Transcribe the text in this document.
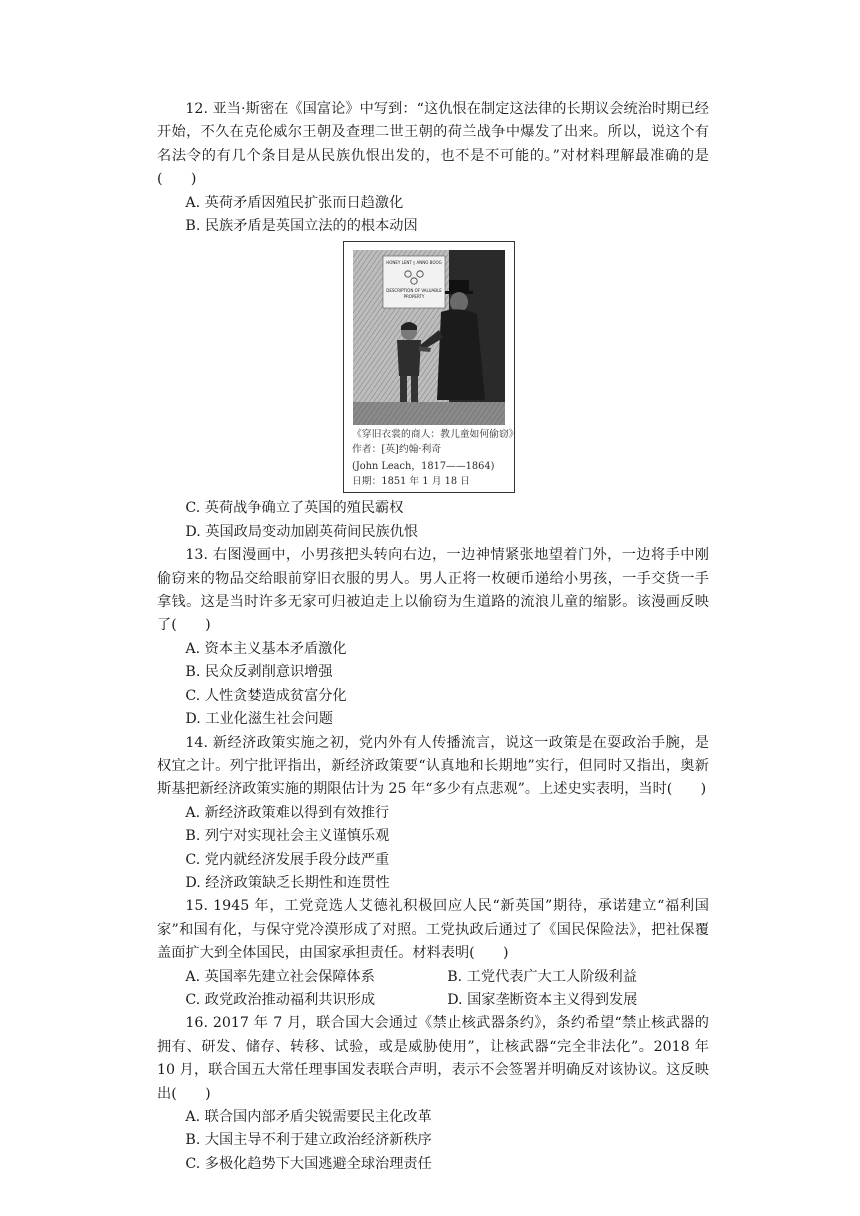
12. 亚当·斯密在《国富论》中写到：“这仇恨在制定这法律的长期议会统治时期已经开始，不久在克伦威尔王朝及查理二世王朝的荷兰战争中爆发了出来。所以，说这个有名法令的有几个条目是从民族仇恨出发的，也不是不可能的。”对材料理解最准确的是(　　)

A. 英荷矛盾因殖民扩张而日趋激化

B. 民族矛盾是英国立法的的根本动因

HONEY LENT ▯ ANNO BOOG
DESCRIPTION OF VALUABLE
PROPERTY
《穿旧衣裳的商人：教儿童如何偷窃》
作者：[英]约翰·利奇
(John Leach，1817——1864)
日期：1851 年 1 月 18 日

C. 英荷战争确立了英国的殖民霸权

D. 英国政局变动加剧英荷间民族仇恨

13. 右图漫画中，小男孩把头转向右边，一边神情紧张地望着门外，一边将手中刚偷窃来的物品交给眼前穿旧衣服的男人。男人正将一枚硬币递给小男孩，一手交货一手拿钱。这是当时许多无家可归被迫走上以偷窃为生道路的流浪儿童的缩影。该漫画反映了(　　)

A. 资本主义基本矛盾激化

B. 民众反剥削意识增强

C. 人性贪婪造成贫富分化

D. 工业化滋生社会问题

14. 新经济政策实施之初，党内外有人传播流言，说这一政策是在耍政治手腕，是权宜之计。列宁批评指出，新经济政策要“认真地和长期地”实行，但同时又指出，奥新斯基把新经济政策实施的期限估计为 25 年“多少有点悲观”。上述史实表明，当时(　　)

A. 新经济政策难以得到有效推行

B. 列宁对实现社会主义谨慎乐观

C. 党内就经济发展手段分歧严重

D. 经济政策缺乏长期性和连贯性

15. 1945 年，工党竞选人艾德礼积极回应人民“新英国”期待，承诺建立“福利国家”和国有化，与保守党冷漠形成了对照。工党执政后通过了《国民保险法》，把社保覆盖面扩大到全体国民，由国家承担责任。材料表明(　　)

A. 英国率先建立社会保障体系	B. 工党代表广大工人阶级利益
C. 政党政治推动福利共识形成	D. 国家垄断资本主义得到发展

16. 2017 年 7 月，联合国大会通过《禁止核武器条约》，条约希望“禁止核武器的拥有、研发、储存、转移、试验，或是威胁使用”，让核武器“完全非法化”。2018 年 10 月，联合国五大常任理事国发表联合声明，表示不会签署并明确反对该协议。这反映出(　　)

A. 联合国内部矛盾尖锐需要民主化改革

B. 大国主导不利于建立政治经济新秩序

C. 多极化趋势下大国逃避全球治理责任
